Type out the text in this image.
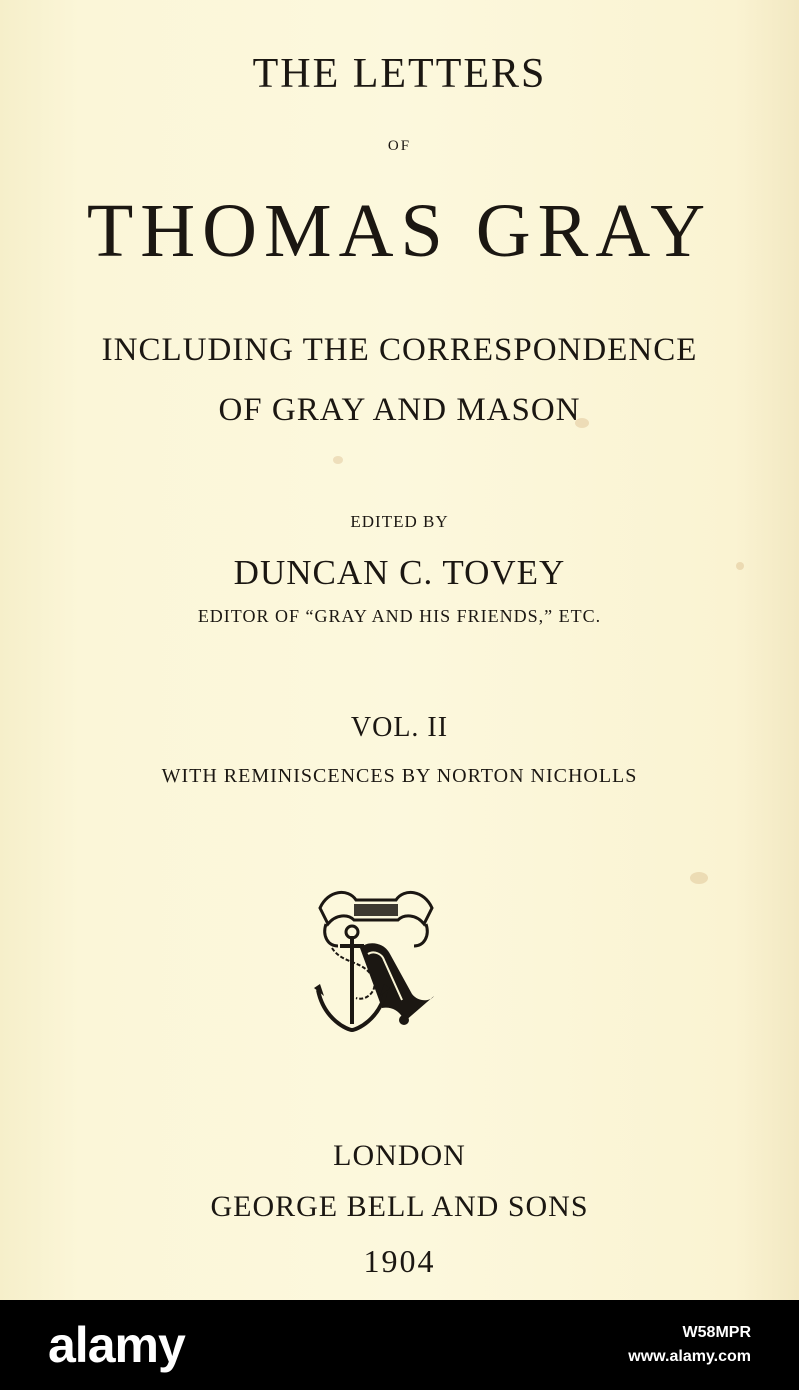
THE LETTERS

OF

THOMAS GRAY

INCLUDING THE CORRESPONDENCE

OF GRAY AND MASON

EDITED BY

DUNCAN C. TOVEY

EDITOR OF “GRAY AND HIS FRIENDS,” ETC.

VOL. II

WITH REMINISCENCES BY NORTON NICHOLLS

LONDON

GEORGE BELL AND SONS

1904

alamy	W58MPR
www.alamy.com
